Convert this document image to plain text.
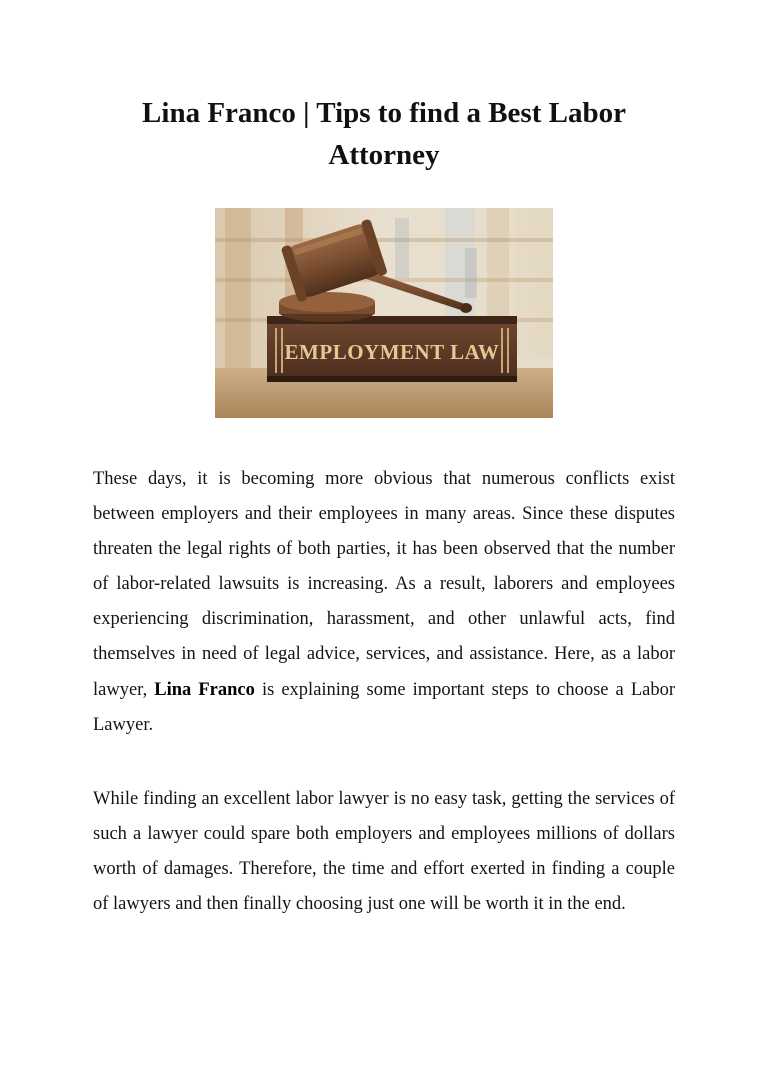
Lina Franco | Tips to find a Best Labor Attorney
EMPLOYMENT LAW

These days, it is becoming more obvious that numerous conflicts exist between employers and their employees in many areas. Since these disputes threaten the legal rights of both parties, it has been observed that the number of labor-related lawsuits is increasing. As a result, laborers and employees experiencing discrimination, harassment, and other unlawful acts, find themselves in need of legal advice, services, and assistance. Here, as a labor lawyer, Lina Franco is explaining some important steps to choose a Labor Lawyer.

While finding an excellent labor lawyer is no easy task, getting the services of such a lawyer could spare both employers and employees millions of dollars worth of damages. Therefore, the time and effort exerted in finding a couple of lawyers and then finally choosing just one will be worth it in the end.
